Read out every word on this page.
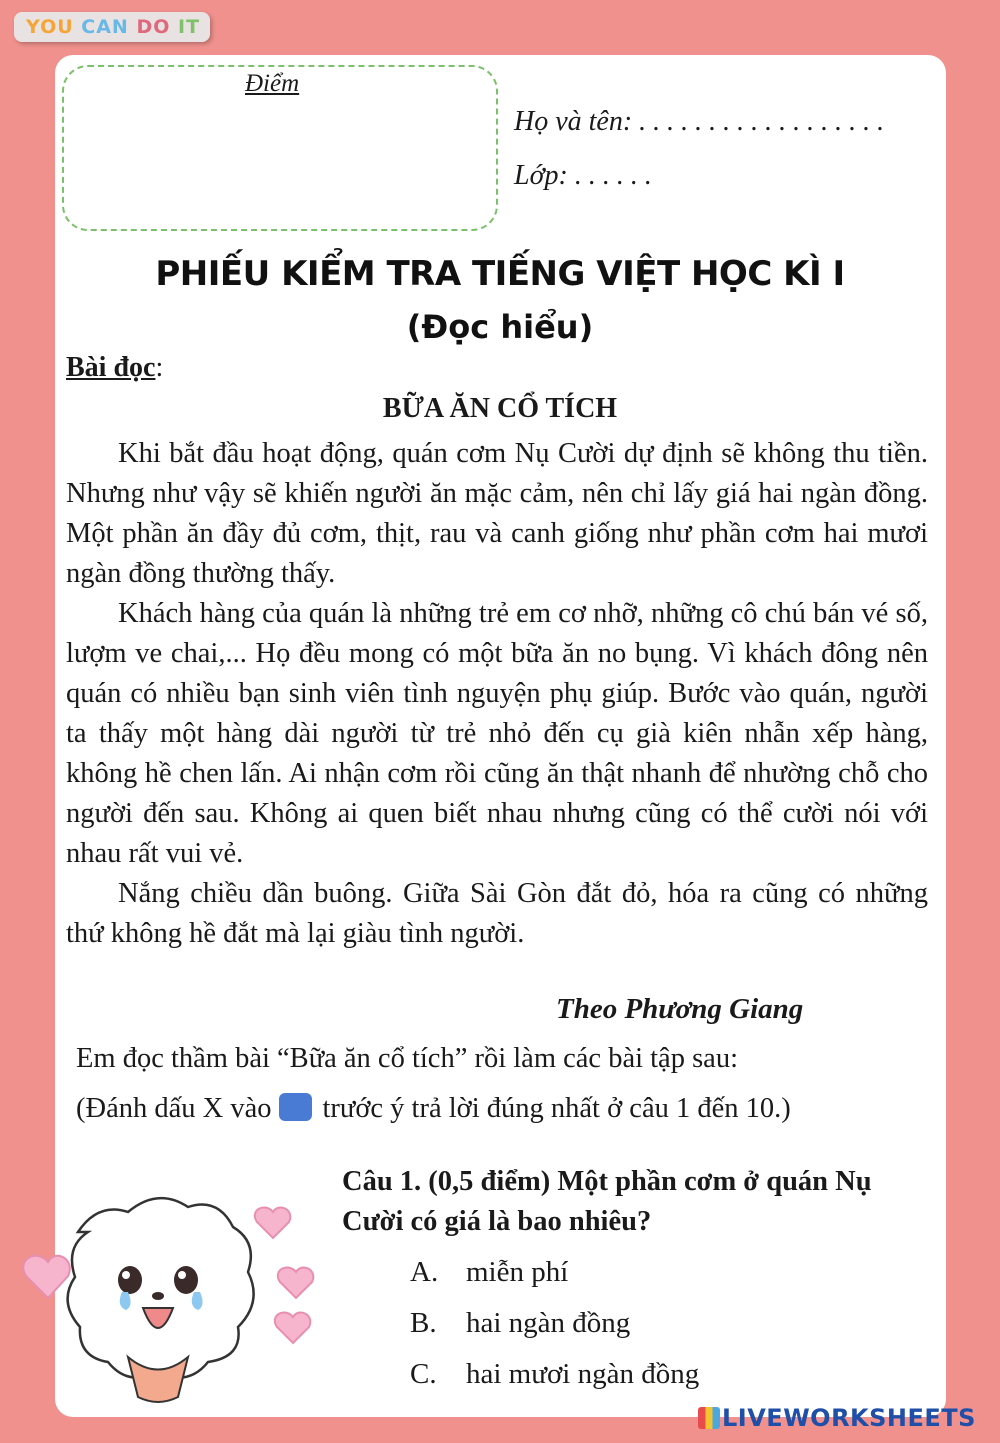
YOU CAN DO IT
Điểm
Họ và tên: . . . . . . . . . . . . . . . . . .
Lớp: . . . . . .
PHIẾU KIỂM TRA TIẾNG VIỆT HỌC KÌ I
(Đọc hiểu)
Bài đọc:
BỮA ĂN CỔ TÍCH

Khi bắt đầu hoạt động, quán cơm Nụ Cười dự định sẽ không thu tiền. Nhưng như vậy sẽ khiến người ăn mặc cảm, nên chỉ lấy giá hai ngàn đồng. Một phần ăn đầy đủ cơm, thịt, rau và canh giống như phần cơm hai mươi ngàn đồng thường thấy.

Khách hàng của quán là những trẻ em cơ nhỡ, những cô chú bán vé số, lượm ve chai,... Họ đều mong có một bữa ăn no bụng. Vì khách đông nên quán có nhiều bạn sinh viên tình nguyện phụ giúp. Bước vào quán, người ta thấy một hàng dài người từ trẻ nhỏ đến cụ già kiên nhẫn xếp hàng, không hề chen lấn. Ai nhận cơm rồi cũng ăn thật nhanh để nhường chỗ cho người đến sau. Không ai quen biết nhau nhưng cũng có thể cười nói với nhau rất vui vẻ.

Nắng chiều dần buông. Giữa Sài Gòn đắt đỏ, hóa ra cũng có những thứ không hề đắt mà lại giàu tình người.

Theo Phương Giang
Em đọc thầm bài “Bữa ăn cổ tích” rồi làm các bài tập sau:
(Đánh dấu X vào trước ý trả lời đúng nhất ở câu 1 đến 10.)
Câu 1. (0,5 điểm) Một phần cơm ở quán Nụ Cười có giá là bao nhiêu?
A. miễn phí
B. hai ngàn đồng
C. hai mươi ngàn đồng
LIVEWORKSHEETS
